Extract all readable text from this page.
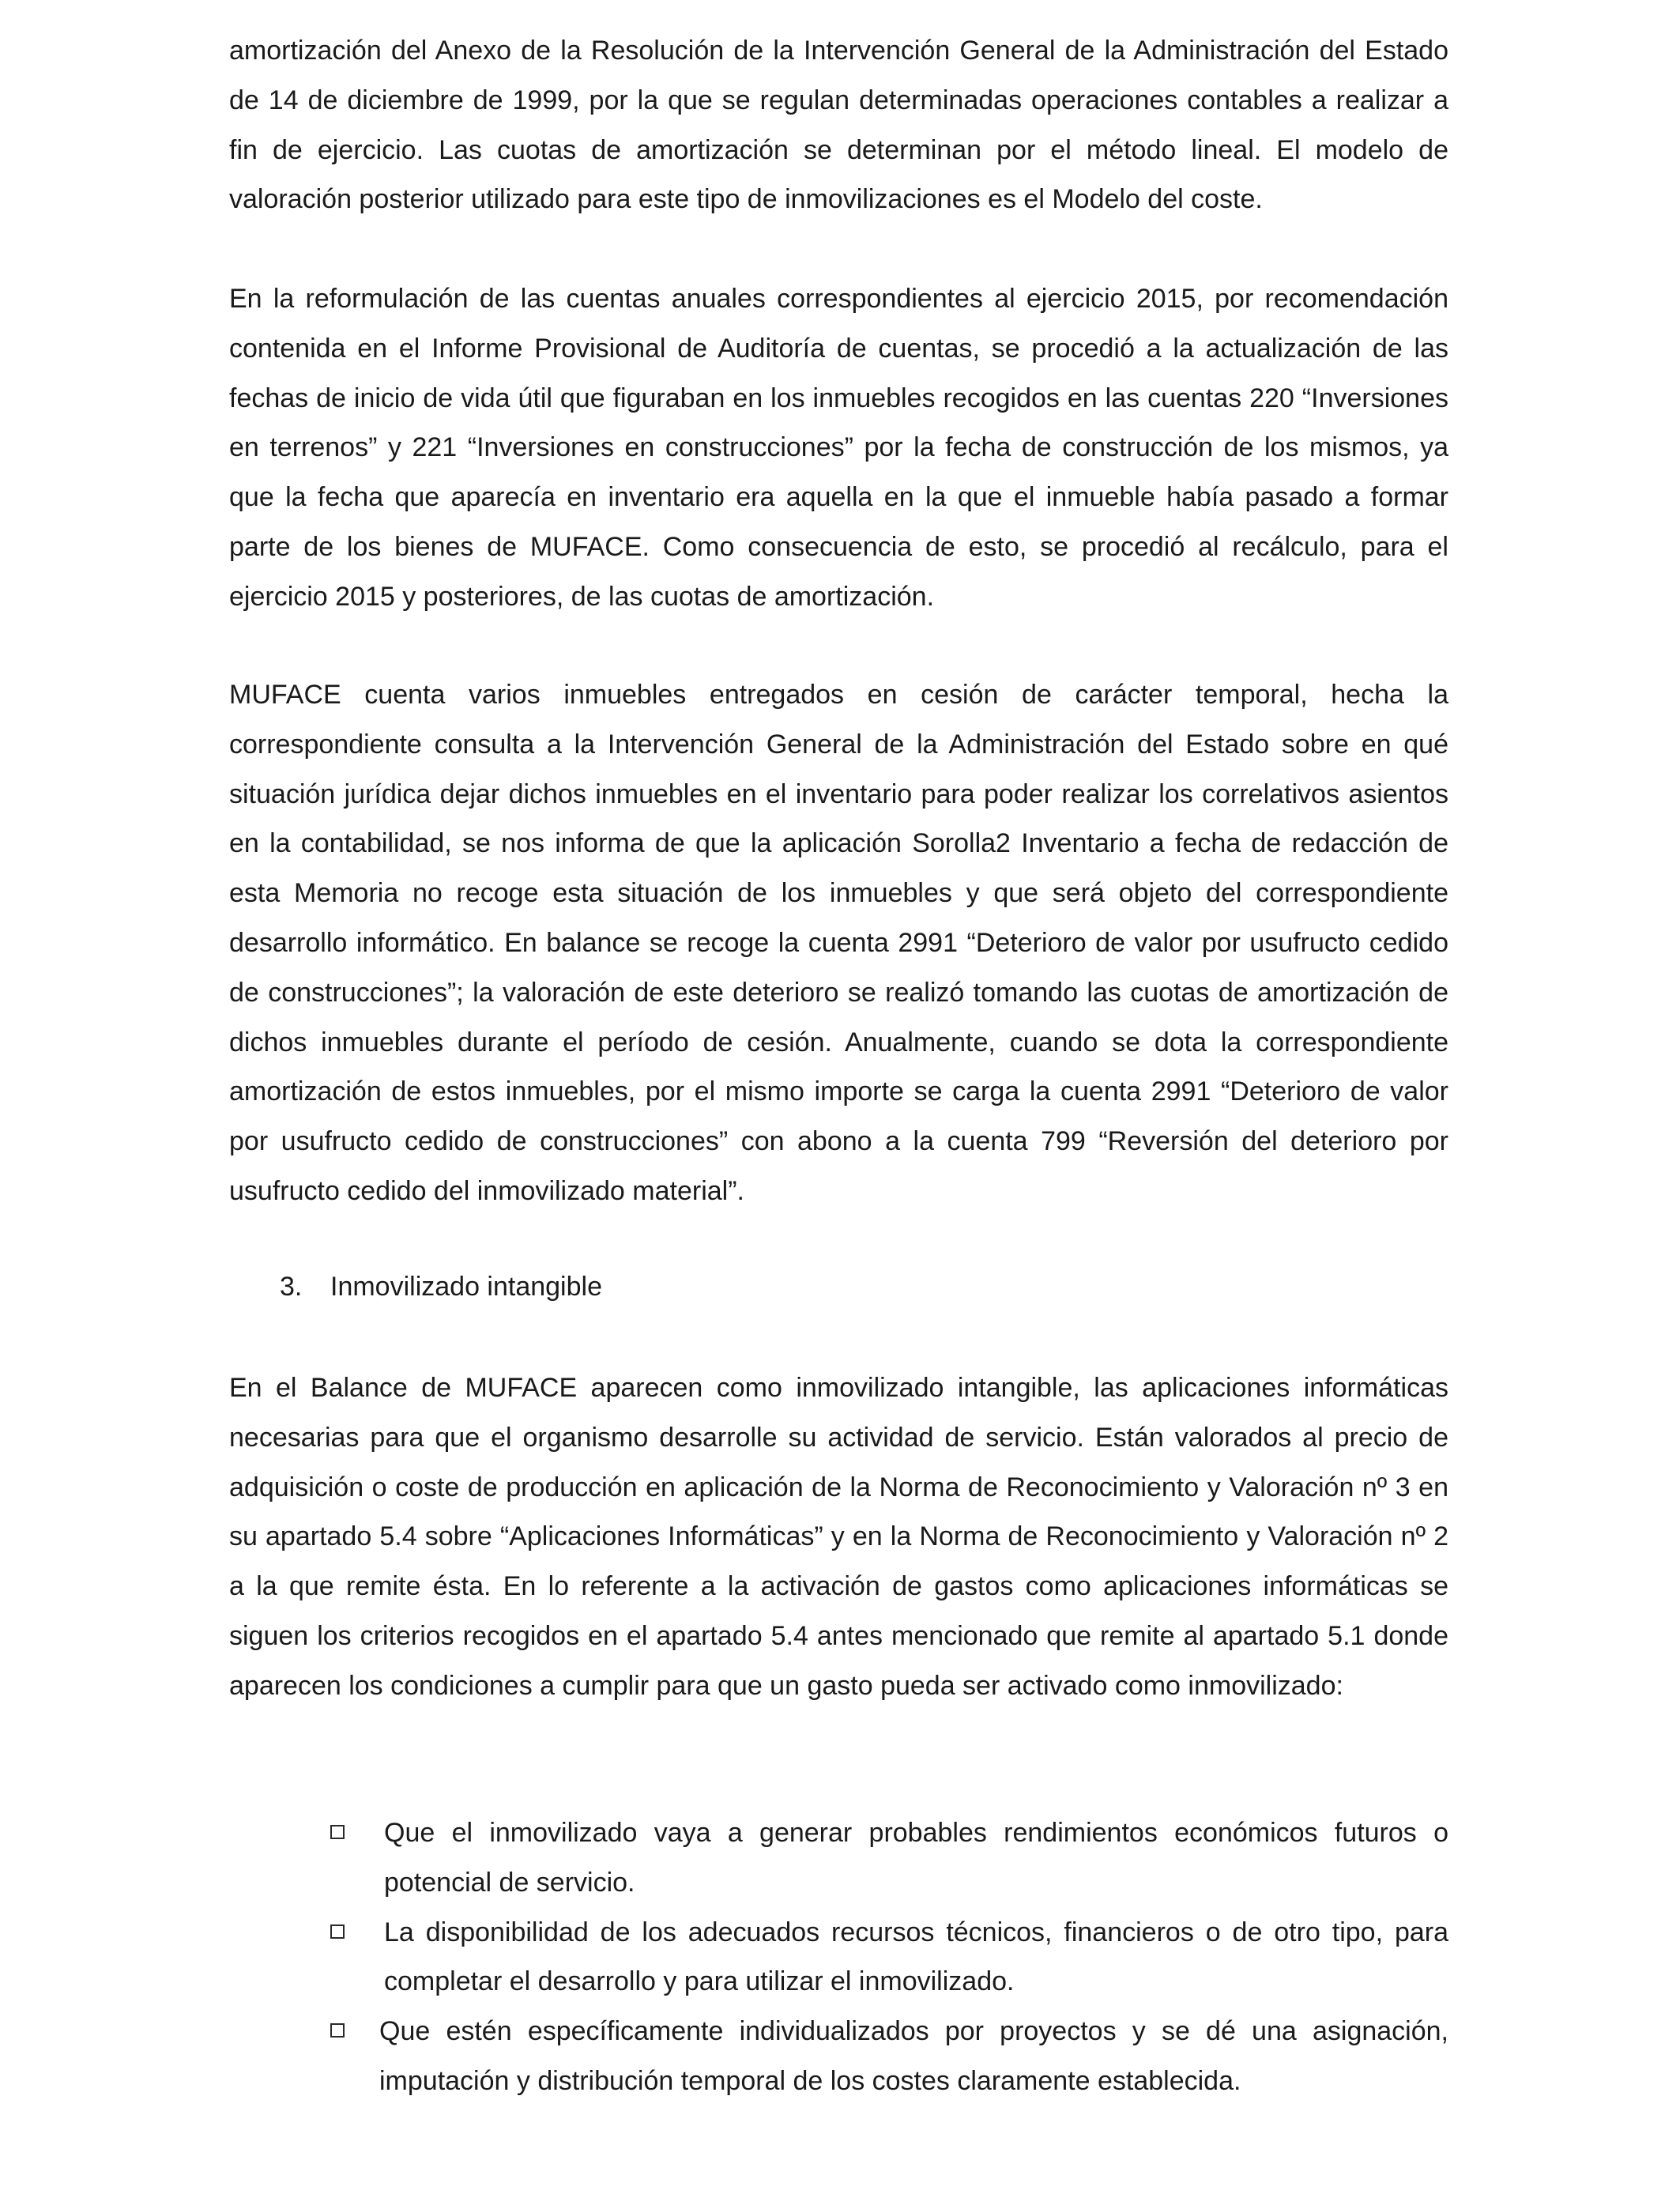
amortización del Anexo de la Resolución de la Intervención General de la Administración del Estado de 14 de diciembre de 1999, por la que se regulan determinadas operaciones contables a realizar a fin de ejercicio. Las cuotas de amortización se determinan por el método lineal. El modelo de valoración posterior utilizado para este tipo de inmovilizaciones es el Modelo del coste.

En la reformulación de las cuentas anuales correspondientes al ejercicio 2015, por recomendación contenida en el Informe Provisional de Auditoría de cuentas, se procedió a la actualización de las fechas de inicio de vida útil que figuraban en los inmuebles recogidos en las cuentas 220 “Inversiones en terrenos” y 221 “Inversiones en construcciones” por la fecha de construcción de los mismos, ya que la fecha que aparecía en inventario era aquella en la que el inmueble había pasado a formar parte de los bienes de MUFACE. Como consecuencia de esto, se procedió al recálculo, para el ejercicio 2015 y posteriores, de las cuotas de amortización.

MUFACE cuenta varios inmuebles entregados en cesión de carácter temporal, hecha la correspondiente consulta a la Intervención General de la Administración del Estado sobre en qué situación jurídica dejar dichos inmuebles en el inventario para poder realizar los correlativos asientos en la contabilidad, se nos informa de que la aplicación Sorolla2 Inventario a fecha de redacción de esta Memoria no recoge esta situación de los inmuebles y que será objeto del correspondiente desarrollo informático. En balance se recoge la cuenta 2991 “Deterioro de valor por usufructo cedido de construcciones”; la valoración de este deterioro se realizó tomando las cuotas de amortización de dichos inmuebles durante el período de cesión. Anualmente, cuando se dota la correspondiente amortización de estos inmuebles, por el mismo importe se carga la cuenta 2991 “Deterioro de valor por usufructo cedido de construcciones” con abono a la cuenta 799 “Reversión del deterioro por usufructo cedido del inmovilizado material”.

3. Inmovilizado intangible

En el Balance de MUFACE aparecen como inmovilizado intangible, las aplicaciones informáticas necesarias para que el organismo desarrolle su actividad de servicio. Están valorados al precio de adquisición o coste de producción en aplicación de la Norma de Reconocimiento y Valoración nº 3 en su apartado 5.4 sobre “Aplicaciones Informáticas” y en la Norma de Reconocimiento y Valoración nº 2 a la que remite ésta. En lo referente a la activación de gastos como aplicaciones informáticas se siguen los criterios recogidos en el apartado 5.4 antes mencionado que remite al apartado 5.1 donde aparecen los condiciones a cumplir para que un gasto pueda ser activado como inmovilizado:

Que el inmovilizado vaya a generar probables rendimientos económicos futuros o potencial de servicio.
La disponibilidad de los adecuados recursos técnicos, financieros o de otro tipo, para completar el desarrollo y para utilizar el inmovilizado.
Que estén específicamente individualizados por proyectos y se dé una asignación, imputación y distribución temporal de los costes claramente establecida.
